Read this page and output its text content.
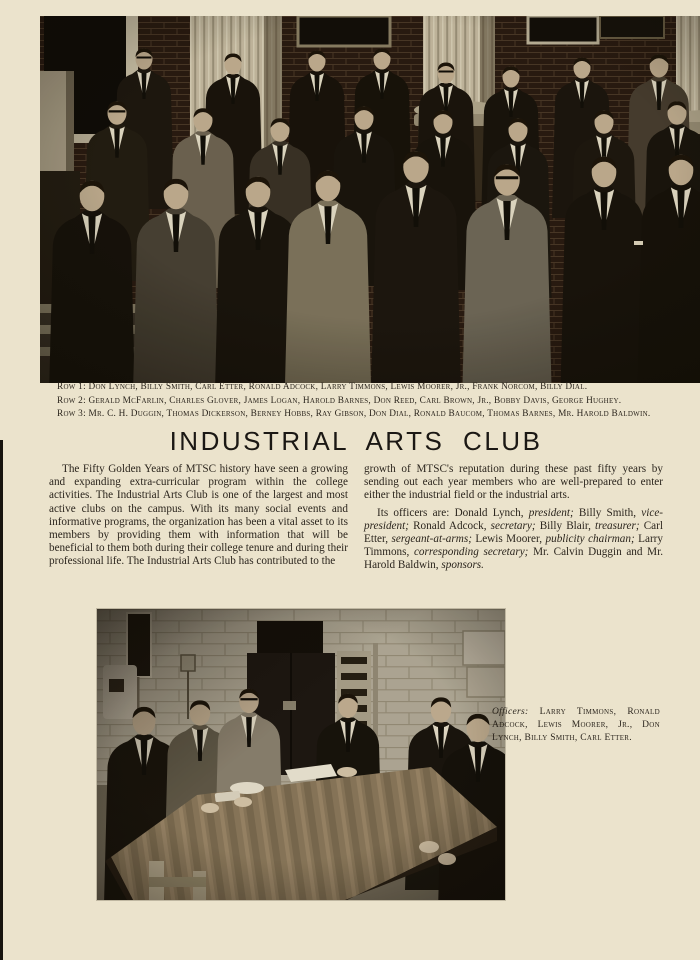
Row 1: Don Lynch, Billy Smith, Carl Etter, Ronald Adcock, Larry Timmons, Lewis Moorer, Jr., Frank Norcom, Billy Dial.
Row 2: Gerald McFarlin, Charles Glover, James Logan, Harold Barnes, Don Reed, Carl Brown, Jr., Bobby Davis, George Hughey.
Row 3: Mr. C. H. Duggin, Thomas Dickerson, Berney Hobbs, Ray Gibson, Don Dial, Ronald Baucom, Thomas Barnes, Mr. Harold Baldwin.
INDUSTRIAL ARTS CLUB

The Fifty Golden Years of MTSC history have seen a growing and expanding extra-curricular program within the college activities. The Industrial Arts Club is one of the largest and most active clubs on the campus. With its many social events and informative programs, the organization has been a vital asset to its members by providing them with information that will be beneficial to them both during their college tenure and during their professional life. The Industrial Arts Club has contributed to the

growth of MTSC's reputation during these past fifty years by sending out each year members who are well-prepared to enter either the industrial field or the industrial arts.

Its officers are: Donald Lynch, president; Billy Smith, vice-president; Ronald Adcock, secretary; Billy Blair, treasurer; Carl Etter, sergeant-at-arms; Lewis Moorer, publicity chairman; Larry Timmons, corresponding secretary; Mr. Calvin Duggin and Mr. Harold Baldwin, sponsors.

Officers: Larry Timmons, Ronald Adcock, Lewis Moorer, Jr., Don Lynch, Billy Smith, Carl Etter.
